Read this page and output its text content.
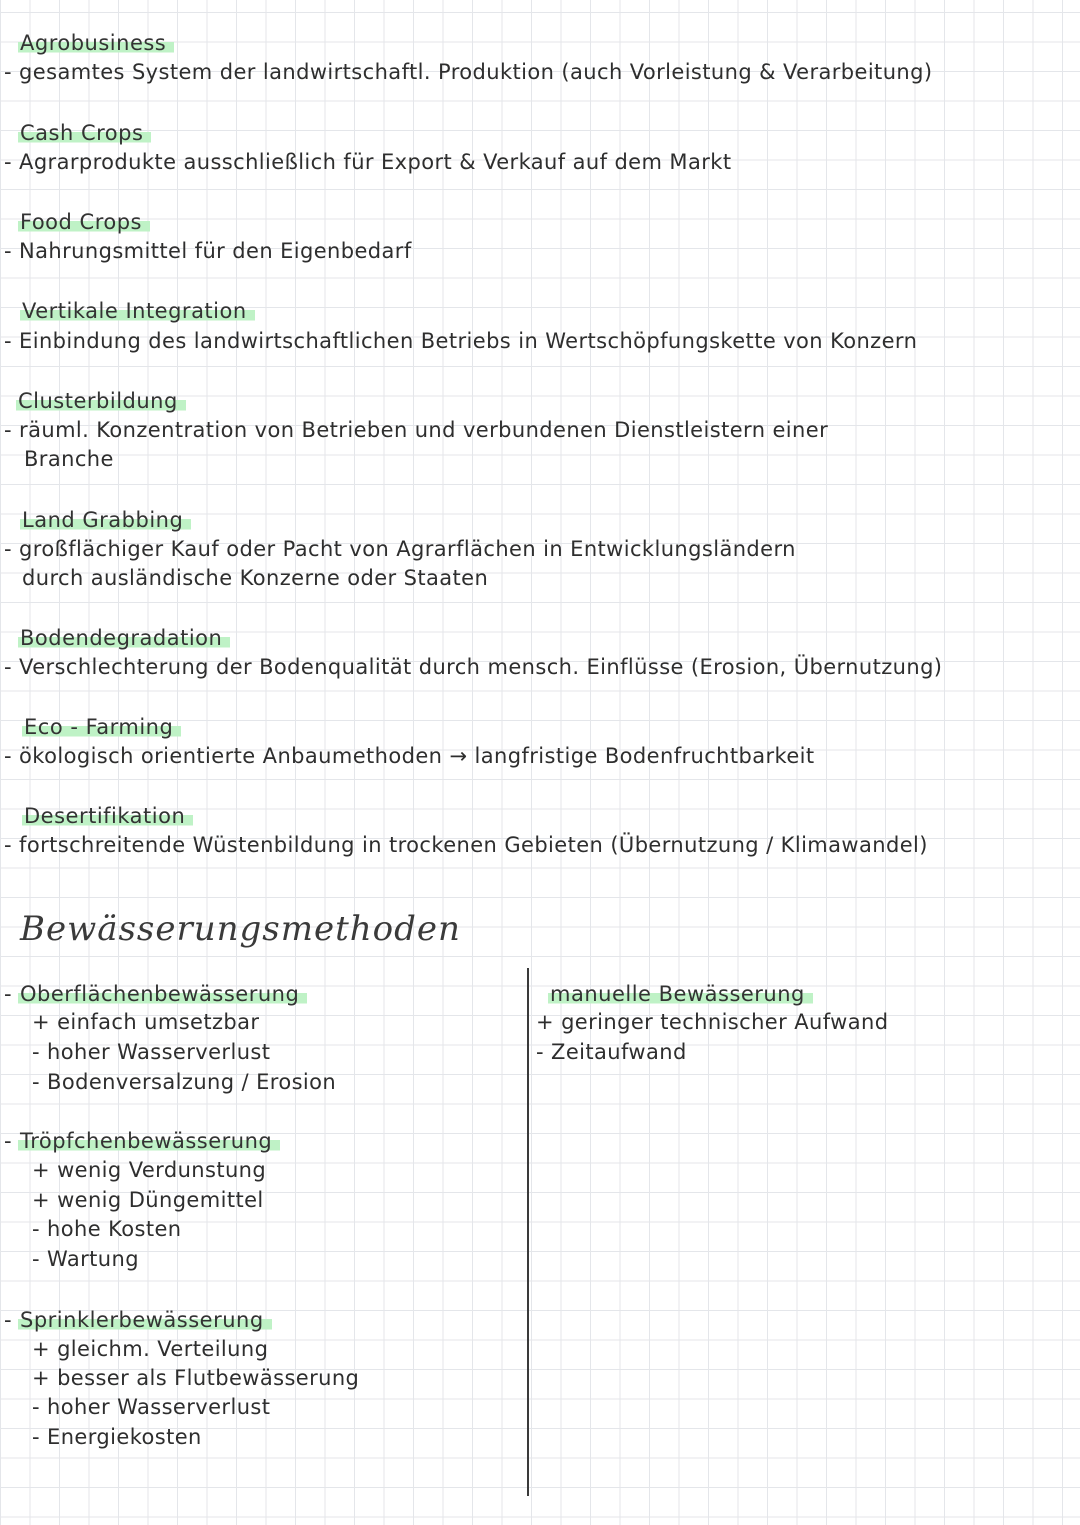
Agrobusiness
- gesamtes System der landwirtschaftl. Produktion (auch Vorleistung & Verarbeitung)
Cash Crops
- Agrarprodukte ausschließlich für Export & Verkauf auf dem Markt
Food Crops
- Nahrungsmittel für den Eigenbedarf
Vertikale Integration
- Einbindung des landwirtschaftlichen Betriebs in Wertschöpfungskette von Konzern
Clusterbildung
- räuml. Konzentration von Betrieben und verbundenen Dienstleistern einer
Branche
Land Grabbing
- großflächiger Kauf oder Pacht von Agrarflächen in Entwicklungsländern
durch ausländische Konzerne oder Staaten
Bodendegradation
- Verschlechterung der Bodenqualität durch mensch. Einflüsse (Erosion, Übernutzung)
Eco - Farming
- ökologisch orientierte Anbaumethoden → langfristige Bodenfruchtbarkeit
Desertifikation
- fortschreitende Wüstenbildung in trockenen Gebieten (Übernutzung / Klimawandel)
Bewässerungsmethoden
- Oberflächenbewässerung
+ einfach umsetzbar
- hoher Wasserverlust
- Bodenversalzung / Erosion
- Tröpfchenbewässerung
+ wenig Verdunstung
+ wenig Düngemittel
- hohe Kosten
- Wartung
- Sprinklerbewässerung
+ gleichm. Verteilung
+ besser als Flutbewässerung
- hoher Wasserverlust
- Energiekosten
manuelle Bewässerung
+ geringer technischer Aufwand
- Zeitaufwand
